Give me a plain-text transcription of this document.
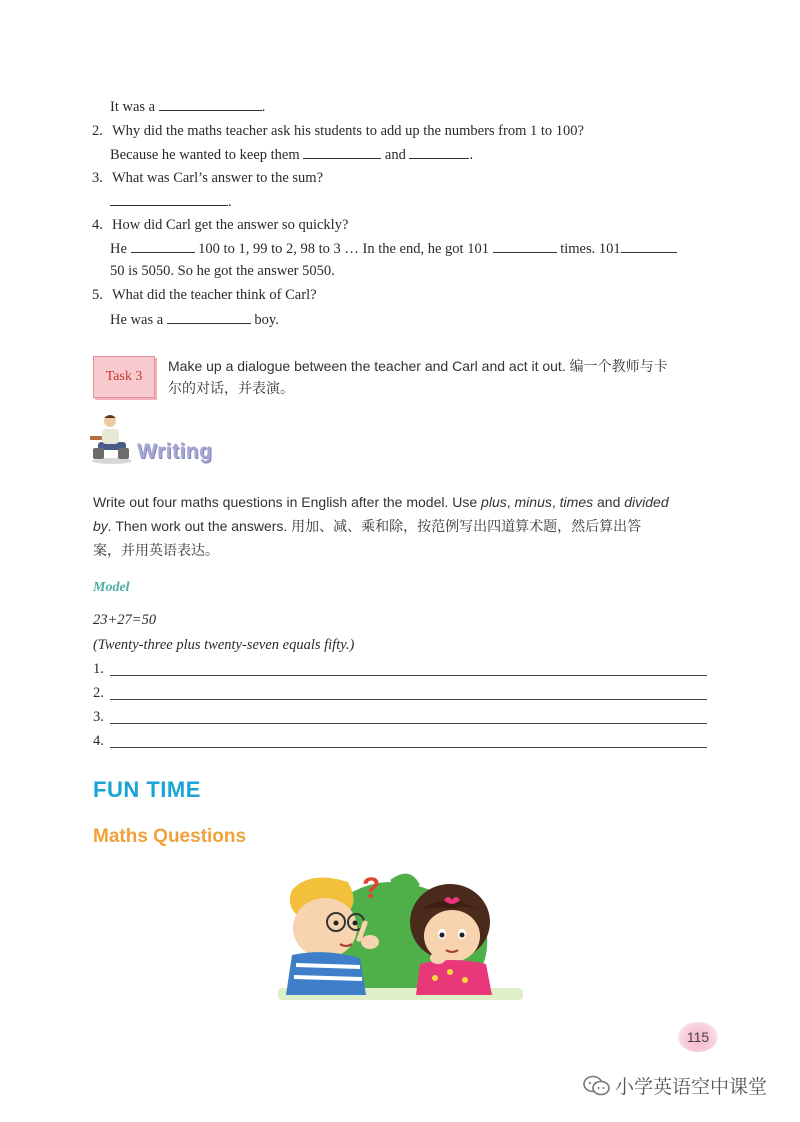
It was a	.
2. Why did the maths teacher ask his students to add up the numbers from 1 to 100?
Because he wanted to keep them	and	.
3. What was Carl’s answer to the sum?
.
4. How did Carl get the answer so quickly?
He	100 to 1, 99 to 2, 98 to 3 … In the end, he got 101	times. 101
50 is 5050. So he got the answer 5050.
5. What did the teacher think of Carl?
He was a	boy.
Task 3
Make up a dialogue between the teacher and Carl and act it out. 编一个教师与卡
尔的对话，并表演。
Writing
Write out four maths questions in English after the model. Use plus, minus, times and divided
by. Then work out the answers. 用加、减、乘和除，按范例写出四道算术题，然后算出答
案，并用英语表达。
Model
23+27=50
(Twenty-three plus twenty-seven equals fifty.)
1.
2.
3.
4.
FUN TIME
Maths Questions
?
115
小学英语空中课堂
